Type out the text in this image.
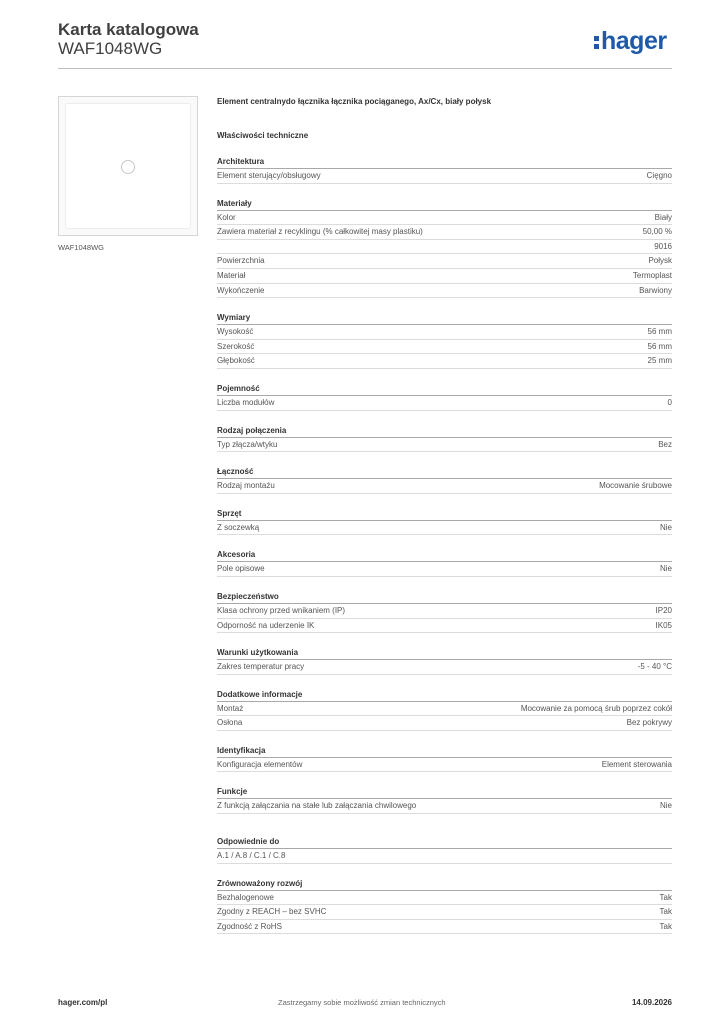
Karta katalogowa
WAF1048WG	hager
WAF1048WG
Element centralnydo łącznika łącznika pociąganego, Ax/Cx, biały połysk
Właściwości techniczne
Architektura
Element sterujący/obsługowy	Cięgno
Materiały
Kolor	Biały
Zawiera materiał z recyklingu (% całkowitej masy plastiku)	50,00 %
9016
Powierzchnia	Połysk
Materiał	Termoplast
Wykończenie	Barwiony
Wymiary
Wysokość	56 mm
Szerokość	56 mm
Głębokość	25 mm
Pojemność
Liczba modułów	0
Rodzaj połączenia
Typ złącza/wtyku	Bez
Łączność
Rodzaj montażu	Mocowanie śrubowe
Sprzęt
Z soczewką	Nie
Akcesoria
Pole opisowe	Nie
Bezpieczeństwo
Klasa ochrony przed wnikaniem (IP)	IP20
Odporność na uderzenie IK	IK05
Warunki użytkowania
Zakres temperatur pracy	-5 - 40 °C
Dodatkowe informacje
Montaż	Mocowanie za pomocą śrub poprzez cokół
Osłona	Bez pokrywy
Identyfikacja
Konfiguracja elementów	Element sterowania
Funkcje
Z funkcją załączania na stałe lub załączania chwilowego	Nie
Odpowiednie do
A.1 / A.8 / C.1 / C.8
Zrównoważony rozwój
Bezhalogenowe	Tak
Zgodny z REACH – bez SVHC	Tak
Zgodność z RoHS	Tak
hager.com/pl	Zastrzegamy sobie możliwość zmian technicznych	14.09.2026
